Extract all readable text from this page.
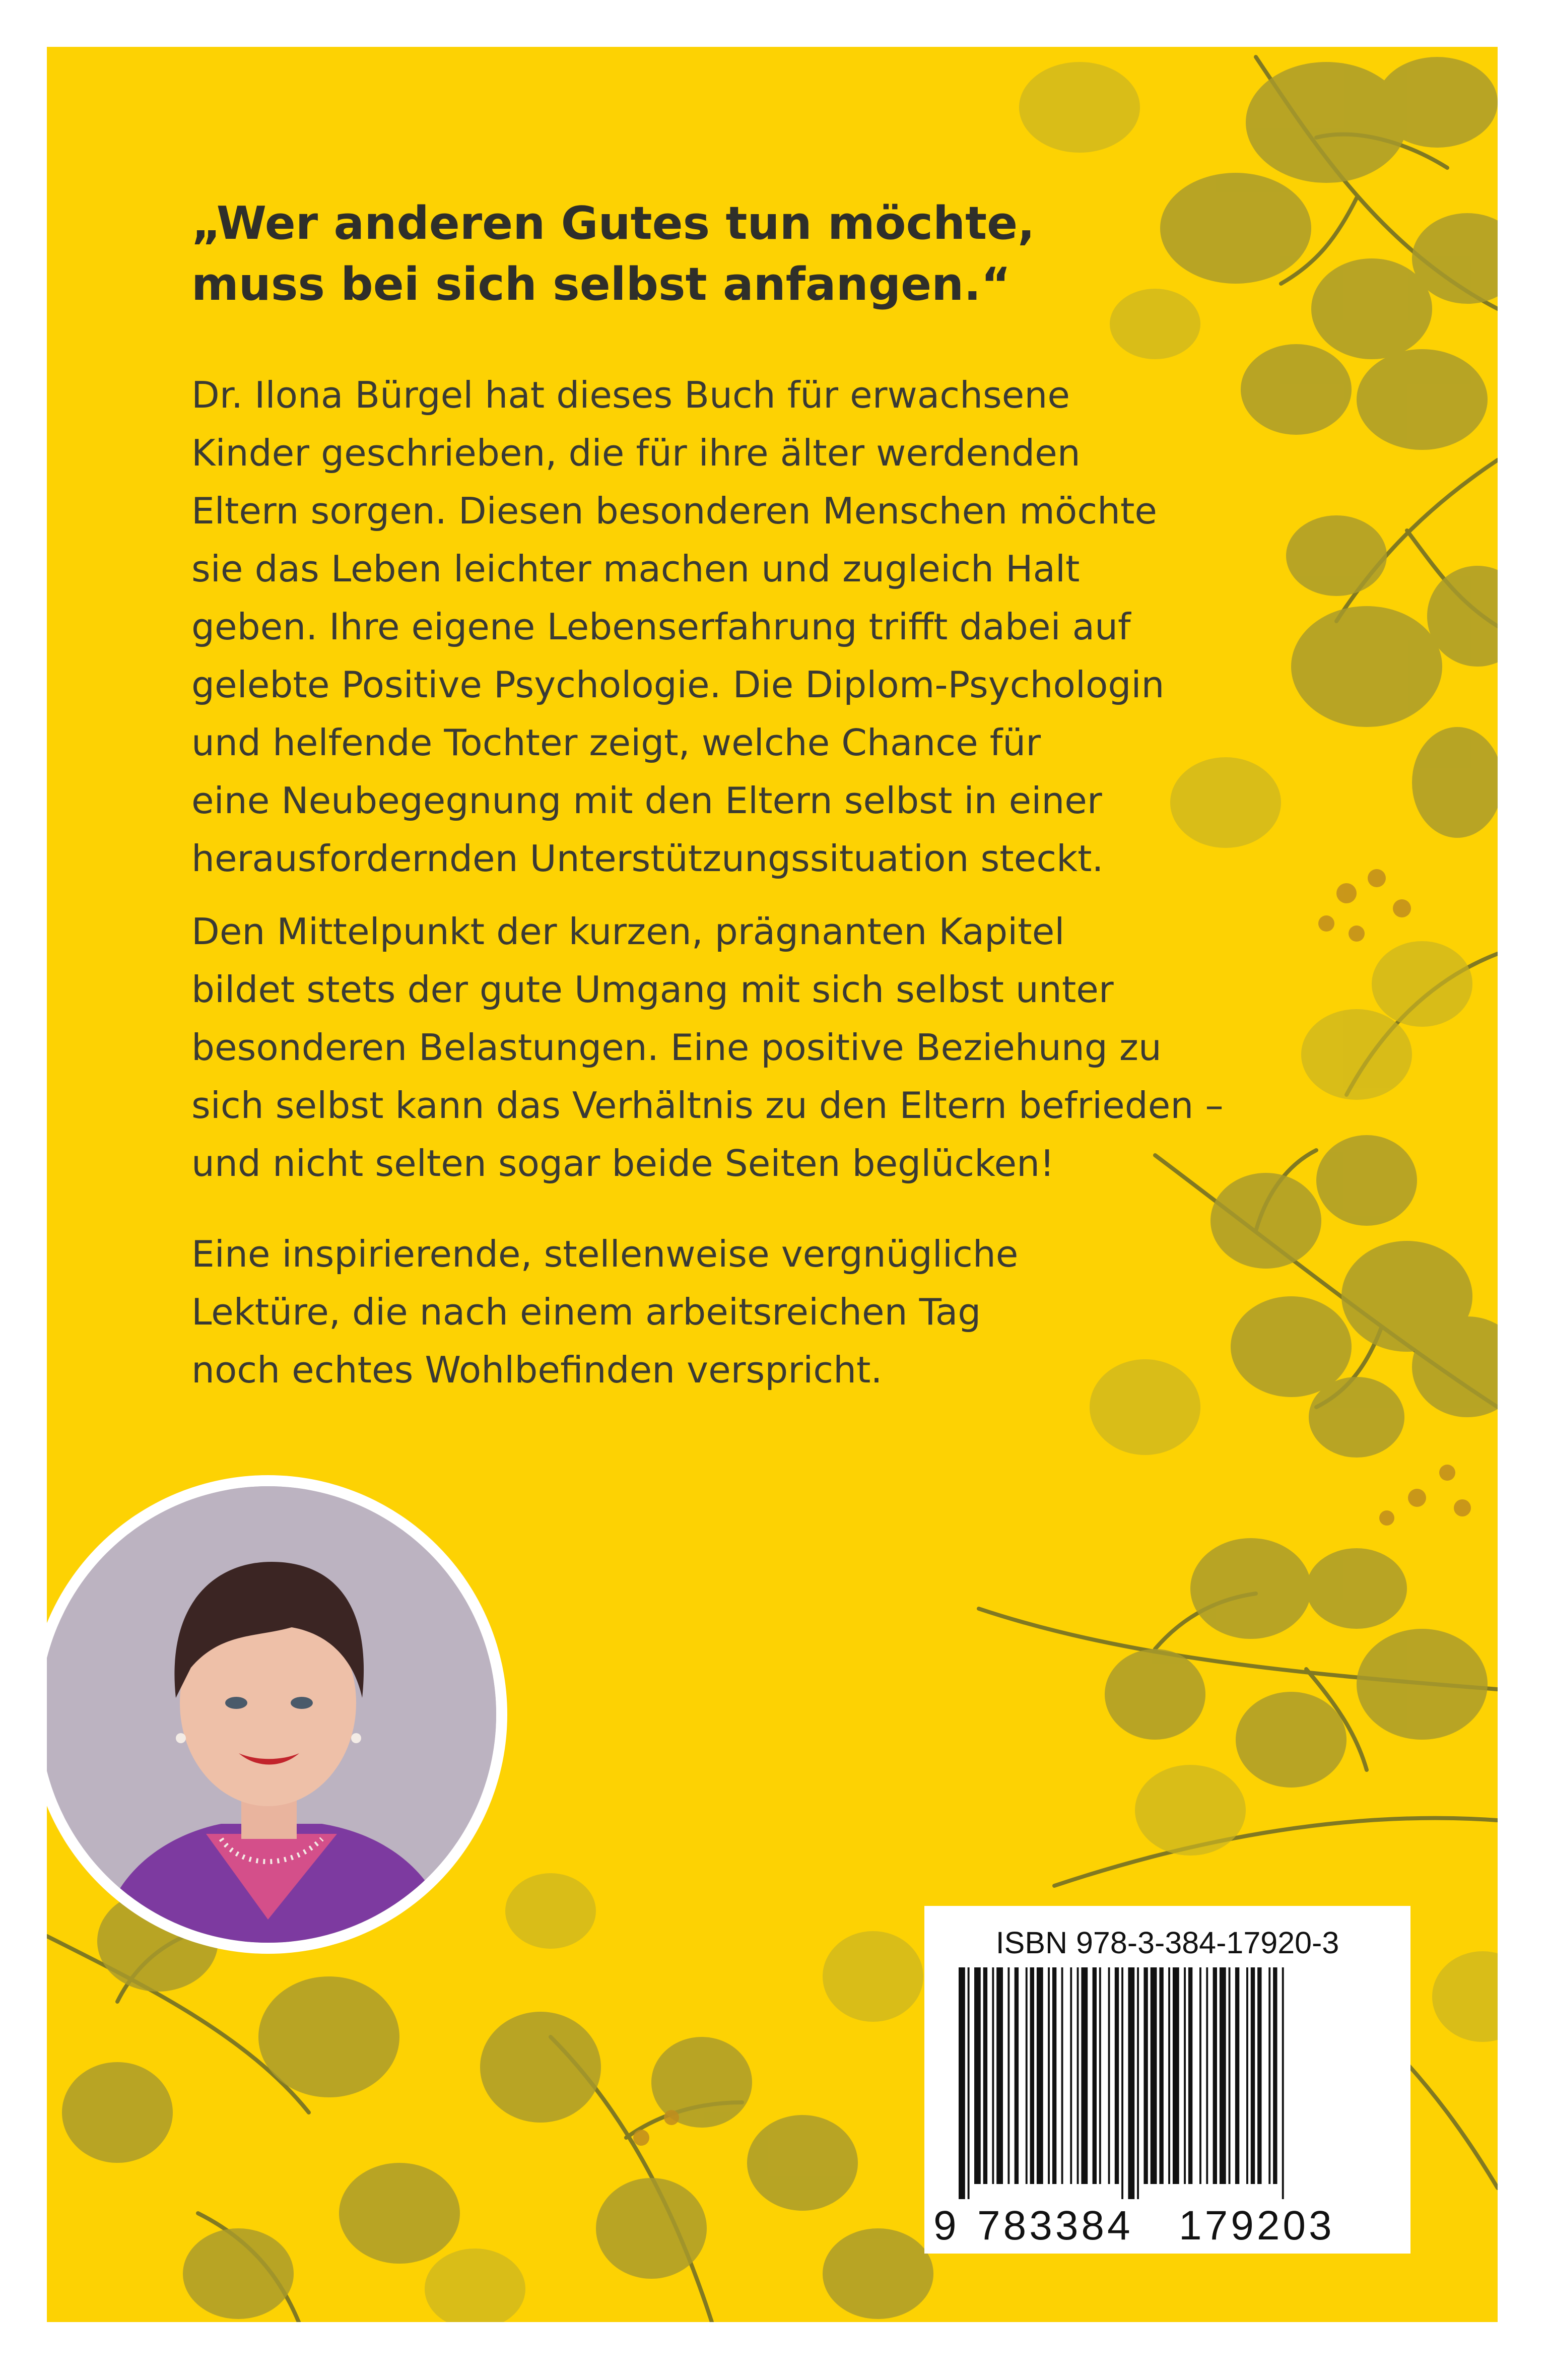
„Wer anderen Gutes tun möchte,
muss bei sich selbst anfangen.“
Dr. Ilona Bürgel hat dieses Buch für erwachsene
Kinder geschrieben, die für ihre älter werdenden
Eltern sorgen. Diesen besonderen Menschen möchte
sie das Leben leichter machen und zugleich Halt
geben. Ihre eigene Lebenserfahrung trifft dabei auf
gelebte Positive Psychologie. Die Diplom-Psychologin
und helfende Tochter zeigt, welche Chance für
eine Neubegegnung mit den Eltern selbst in einer
herausfordernden Unterstützungssituation steckt.
Den Mittelpunkt der kurzen, prägnanten Kapitel
bildet stets der gute Umgang mit sich selbst unter
besonderen Belastungen. Eine positive Beziehung zu
sich selbst kann das Verhältnis zu den Eltern befrieden –
und nicht selten sogar beide Seiten beglücken!
Eine inspirierende, stellenweise vergnügliche
Lektüre, die nach einem arbeitsreichen Tag
noch echtes Wohlbefinden verspricht.
ISBN 978-3-384-17920-3
9 783384 179203
